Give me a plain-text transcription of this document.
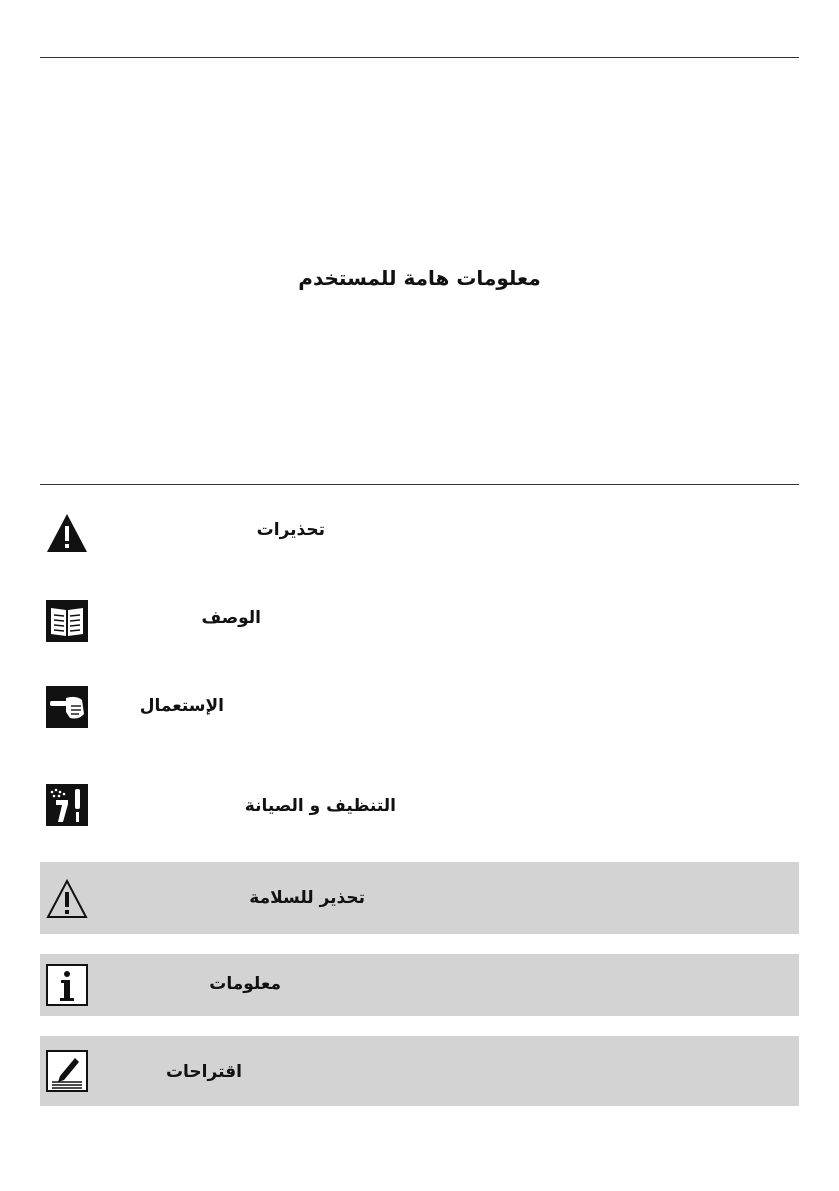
معلومات هامة للمستخدم
تحذيرات
الوصف
الإستعمال
التنظيف و الصيانة
تحذير للسلامة
معلومات
اقتراحات
